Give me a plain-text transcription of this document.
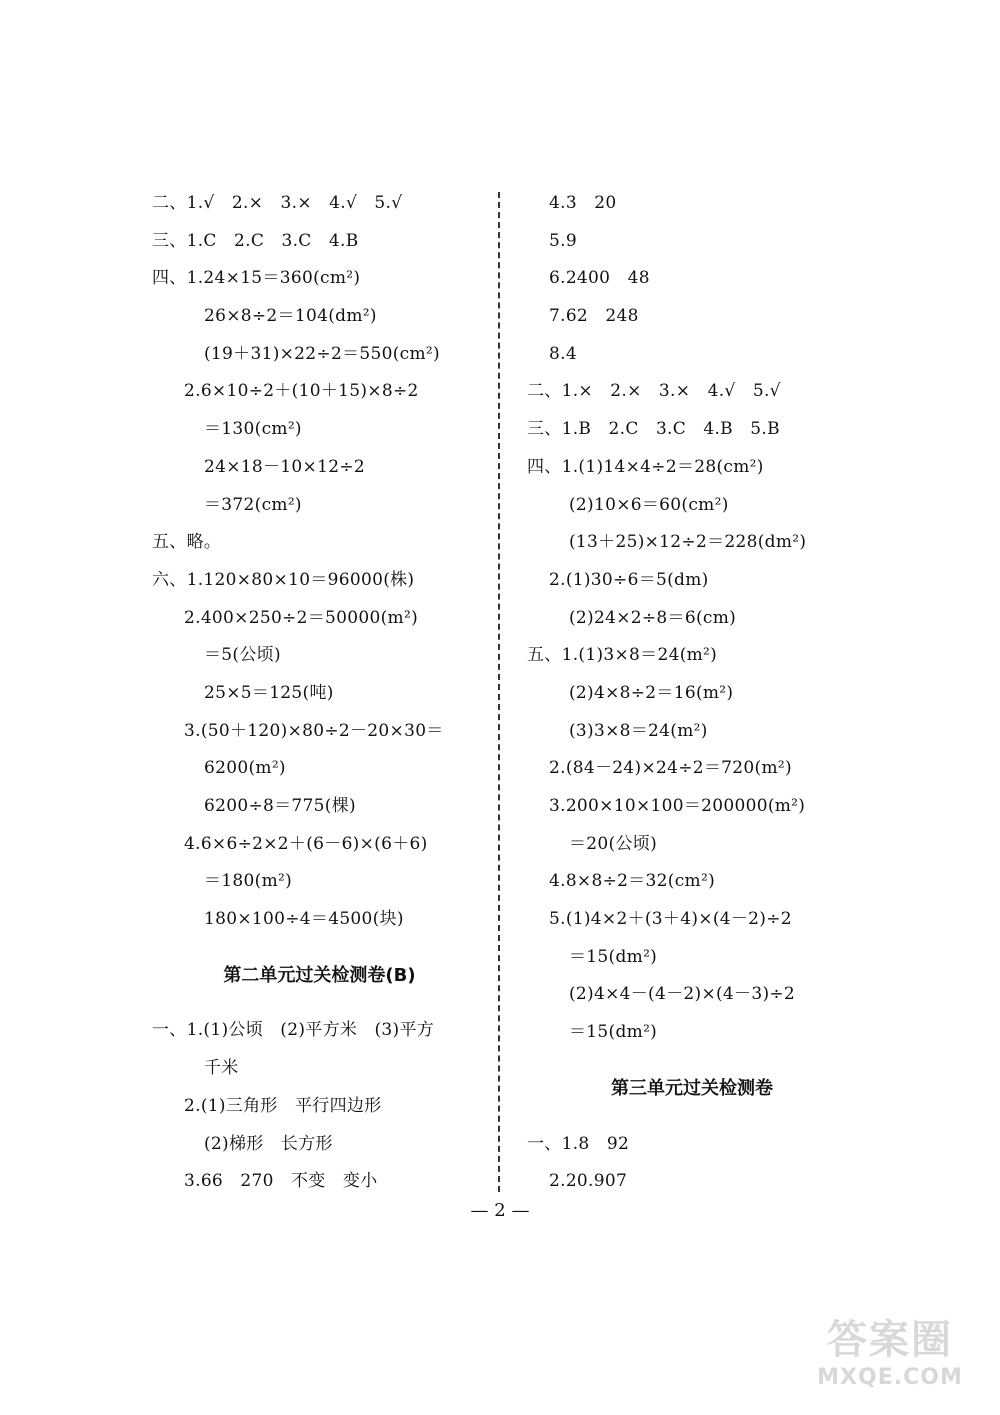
二、1.√　2.×　3.×　4.√　5.√
三、1.C　2.C　3.C　4.B
四、1.24×15＝360(cm²)
26×8÷2＝104(dm²)
(19＋31)×22÷2＝550(cm²)
2.6×10÷2＋(10＋15)×8÷2
＝130(cm²)
24×18－10×12÷2
＝372(cm²)
五、略。
六、1.120×80×10＝96000(株)
2.400×250÷2＝50000(m²)
＝5(公顷)
25×5＝125(吨)
3.(50＋120)×80÷2－20×30＝
6200(m²)
6200÷8＝775(棵)
4.6×6÷2×2＋(6－6)×(6＋6)
＝180(m²)
180×100÷4＝4500(块)
第二单元过关检测卷(B)
一、1.(1)公顷　(2)平方米　(3)平方
千米
2.(1)三角形　平行四边形
(2)梯形　长方形
3.66　270　不变　变小
4.3　20
5.9
6.2400　48
7.62　248
8.4
二、1.×　2.×　3.×　4.√　5.√
三、1.B　2.C　3.C　4.B　5.B
四、1.(1)14×4÷2＝28(cm²)
(2)10×6＝60(cm²)
(13＋25)×12÷2＝228(dm²)
2.(1)30÷6＝5(dm)
(2)24×2÷8＝6(cm)
五、1.(1)3×8＝24(m²)
(2)4×8÷2＝16(m²)
(3)3×8＝24(m²)
2.(84－24)×24÷2＝720(m²)
3.200×10×100＝200000(m²)
＝20(公顷)
4.8×8÷2＝32(cm²)
5.(1)4×2＋(3＋4)×(4－2)÷2
＝15(dm²)
(2)4×4－(4－2)×(4－3)÷2
＝15(dm²)
第三单元过关检测卷
一、1.8　92
2.20.907
— 2 —
答案圈
MXQE.COM
